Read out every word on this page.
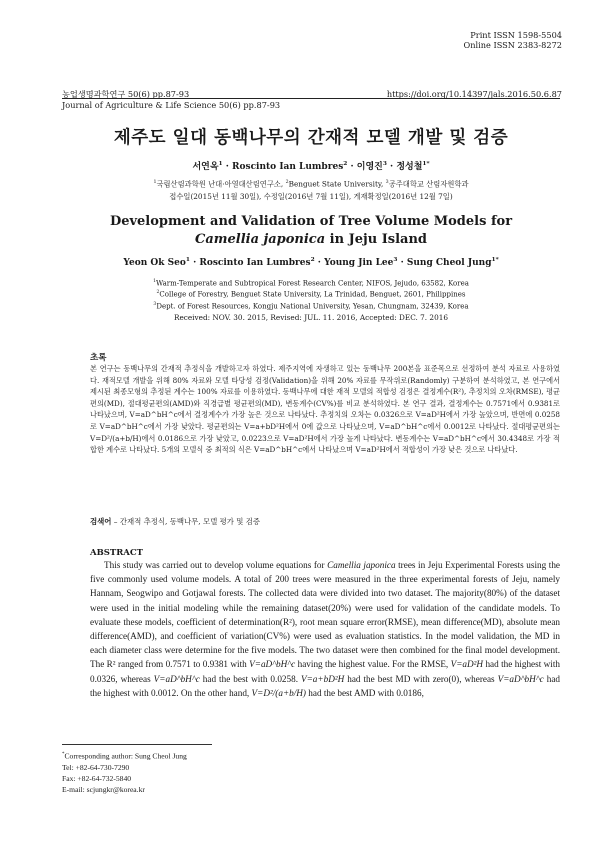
Print ISSN 1598-5504
Online ISSN 2383-8272
농업생명과학연구 50(6) pp.87-93	https://doi.org/10.14397/jals.2016.50.6.87
Journal of Agriculture & Life Science 50(6) pp.87-93
제주도 일대 동백나무의 간재적 모델 개발 및 검증
서연옥$^1$ · Roscinto Ian Lumbres$^2$ · 이영진$^3$ · 정성철$^{1*}$
$^1$국립산림과학원 난대·아열대산림연구소, $^2$Benguet State University, $^3$공주대학교 산림자원학과
접수일(2015년 11월 30일), 수정일(2016년 7월 11일), 게재확정일(2016년 12월 7일)
Development and Validation of Tree Volume Models for
Camellia japonica in Jeju Island
Yeon Ok Seo$^1$ · Roscinto Ian Lumbres$^2$ · Young Jin Lee$^3$ · Sung Cheol Jung$^{1*}$
$^1$Warm-Temperate and Subtropical Forest Research Center, NIFOS, Jejudo, 63582, Korea
$^2$College of Forestry, Benguet State University, La Trinidad, Benguet, 2601, Philippines
$^3$Dept. of Forest Resources, Kongju National University, Yesan, Chungnam, 32439, Korea
Received: NOV. 30. 2015, Revised: JUL. 11. 2016, Accepted: DEC. 7. 2016
초록
본 연구는 동백나무의 간재적 추정식을 개발하고자 하였다. 제주지역에 자생하고 있는 동백나무 200본을 표준목으로 선정하여 분석 자료로 사용하였다. 재적모델 개발을 위해 80% 자료와 모델 타당성 검정(Validation)을 위해 20% 자료를 무작위로(Randomly) 구분하여 분석하였고, 본 연구에서 제시된 최종모형의 추정된 계수는 100% 자료를 이용하였다. 동백나무에 대한 재적 모델의 적합성 검정은 결정계수(R²), 추정치의 오차(RMSE), 평균편의(MD), 절대평균편의(AMD)와 직경급별 평균편의(MD), 변동계수(CV%)를 비교 분석하였다. 본 연구 결과, 결정계수는 0.7571에서 0.9381로 나타났으며, V=aD^bH^c에서 결정계수가 가장 높은 것으로 나타났다. 추정치의 오차는 0.0326으로 V=aD²H에서 가장 높았으며, 반면에 0.0258로 V=aD^bH^c에서 가장 낮았다. 평균편의는 V=a+bD²H에서 0에 값으로 나타났으며, V=aD^bH^c에서 0.0012로 나타났다. 절대평균편의는 V=D²/(a+b/H)에서 0.0186으로 가장 낮았고, 0.0223으로 V=aD²H에서 가장 높게 나타났다. 변동계수는 V=aD^bH^c에서 30.4348로 가장 적합한 계수로 나타났다. 5개의 모델식 중 최적의 식은 V=aD^bH^c에서 나타났으며 V=aD²H에서 적합성이 가장 낮은 것으로 나타났다.
검색어 – 간재적 추정식, 동백나무, 모델 평가 및 검증
ABSTRACT

This study was carried out to develop volume equations for Camellia japonica trees in Jeju Experimental Forests using the five commonly used volume models. A total of 200 trees were measured in the three experimental forests of Jeju, namely Hannam, Seogwipo and Gotjawal forests. The collected data were divided into two dataset. The majority(80%) of the dataset were used in the initial modeling while the remaining dataset(20%) were used for validation of the candidate models. To evaluate these models, coefficient of determination(R²), root mean square error(RMSE), mean difference(MD), absolute mean difference(AMD), and coefficient of variation(CV%) were used as evaluation statistics. In the model validation, the MD in each diameter class were determine for the five models. The two dataset were then combined for the final model development. The R² ranged from 0.7571 to 0.9381 with V=aD^bH^c having the highest value. For the RMSE, V=aD²H had the highest with 0.0326, whereas V=aD^bH^c had the best with 0.0258. V=a+bD²H had the best MD with zero(0), whereas V=aD^bH^c had the highest with 0.0012. On the other hand, V=D²/(a+b/H) had the best AMD with 0.0186,

*Corresponding author: Sung Cheol Jung
Tel: +82-64-730-7290
Fax: +82-64-732-5840
E-mail: scjungkr@korea.kr
